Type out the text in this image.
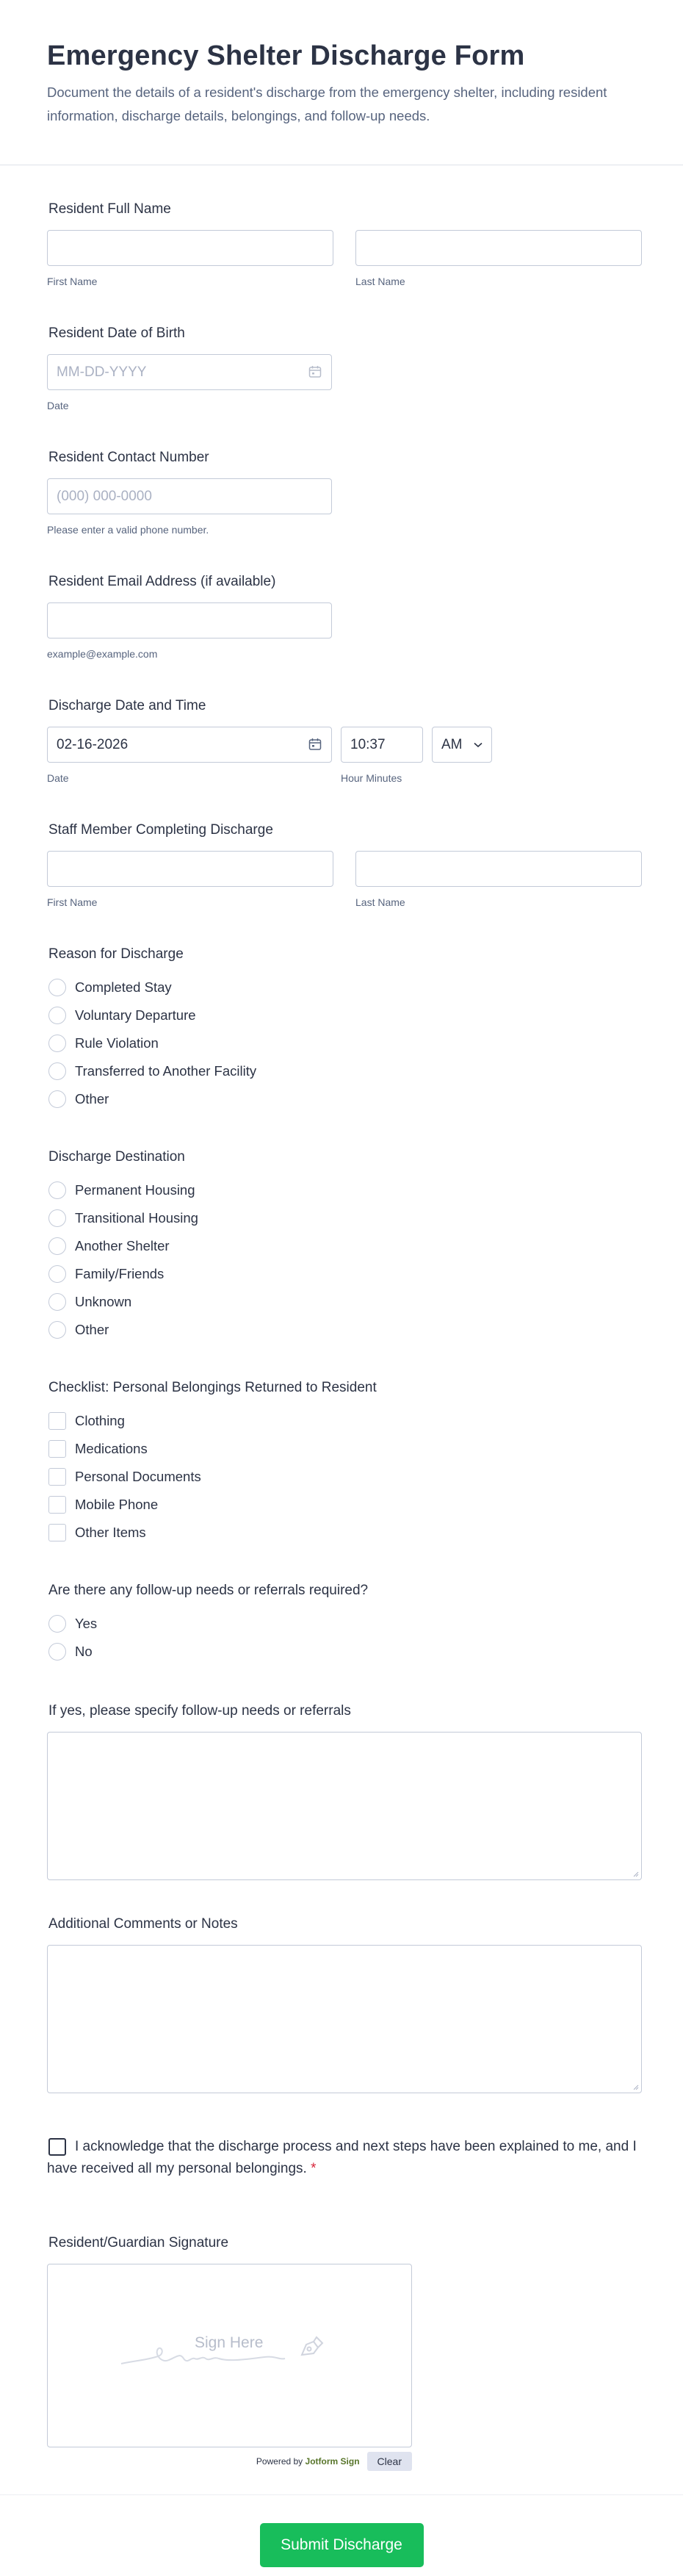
Emergency Shelter Discharge Form

Document the details of a resident's discharge from the emergency shelter, including resident information, discharge details, belongings, and follow-up needs.

Resident Full Name
First Name	Last Name
Resident Date of Birth
MM-DD-YYYY
Date
Resident Contact Number
(000) 000-0000
Please enter a valid phone number.
Resident Email Address (if available)
example@example.com
Discharge Date and Time
02-16-2026
Date
10:37
Hour Minutes
AM
Staff Member Completing Discharge
First Name	Last Name
Reason for Discharge
Completed Stay
Voluntary Departure
Rule Violation
Transferred to Another Facility
Other
Discharge Destination
Permanent Housing
Transitional Housing
Another Shelter
Family/Friends
Unknown
Other
Checklist: Personal Belongings Returned to Resident
Clothing
Medications
Personal Documents
Mobile Phone
Other Items
Are there any follow-up needs or referrals required?
Yes
No
If yes, please specify follow-up needs or referrals
Additional Comments or Notes
I acknowledge that the discharge process and next steps have been explained to me, and I have received all my personal belongings. *
Resident/Guardian Signature
Sign Here
Powered by Jotform Sign	Clear
Submit Discharge
